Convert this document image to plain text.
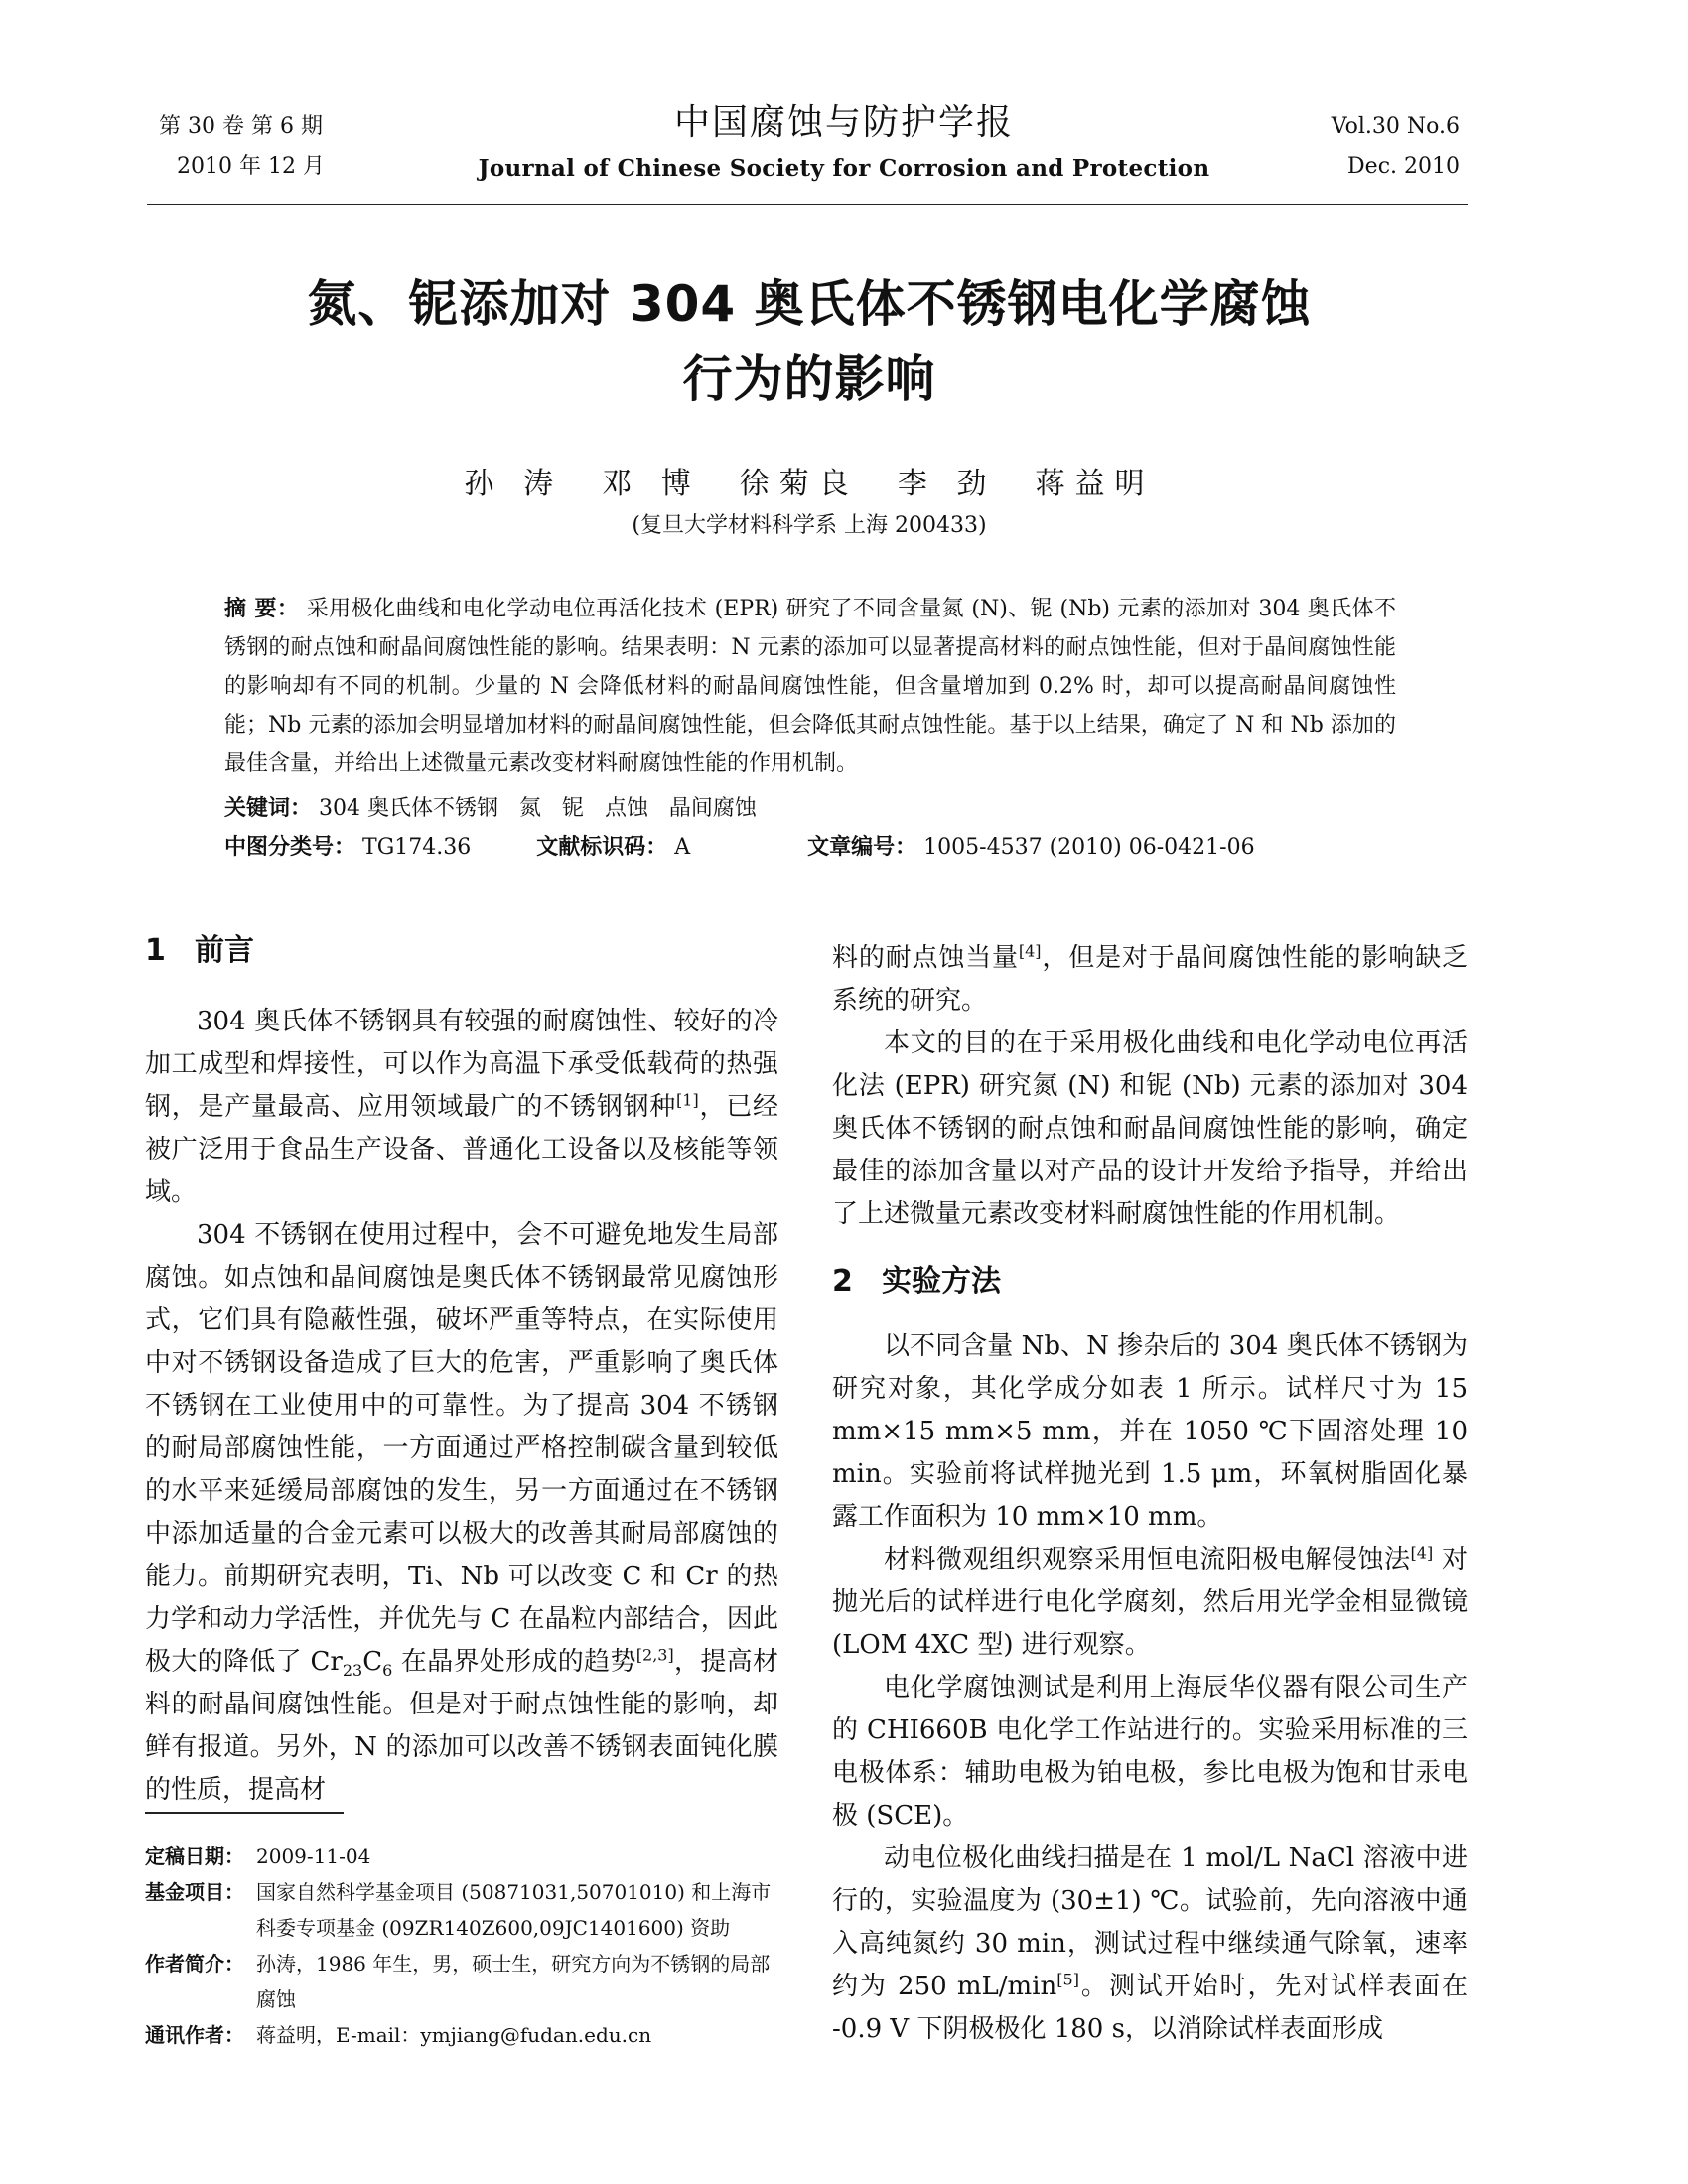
第 30 卷 第 6 期
2010 年 12 月
中国腐蚀与防护学报
Journal of Chinese Society for Corrosion and Protection
Vol.30 No.6
Dec. 2010
氮、铌添加对 304 奥氏体不锈钢电化学腐蚀
行为的影响
孙 涛  邓 博  徐菊良  李 劲  蒋益明
(复旦大学材料科学系 上海 200433)
摘 要： 采用极化曲线和电化学动电位再活化技术 (EPR) 研究了不同含量氮 (N)、铌 (Nb) 元素的添加对 304 奥氏体不锈钢的耐点蚀和耐晶间腐蚀性能的影响。结果表明：N 元素的添加可以显著提高材料的耐点蚀性能，但对于晶间腐蚀性能的影响却有不同的机制。少量的 N 会降低材料的耐晶间腐蚀性能，但含量增加到 0.2% 时，却可以提高耐晶间腐蚀性能；Nb 元素的添加会明显增加材料的耐晶间腐蚀性能，但会降低其耐点蚀性能。基于以上结果，确定了 N 和 Nb 添加的最佳含量，并给出上述微量元素改变材料耐腐蚀性能的作用机制。
关键词： 304 奥氏体不锈钢   氮   铌   点蚀   晶间腐蚀
中图分类号： TG174.36	文献标识码： A	文章编号： 1005-4537 (2010) 06-0421-06
1 前言

304 奥氏体不锈钢具有较强的耐腐蚀性、较好的冷加工成型和焊接性，可以作为高温下承受低载荷的热强钢，是产量最高、应用领域最广的不锈钢钢种[1]，已经被广泛用于食品生产设备、普通化工设备以及核能等领域。

304 不锈钢在使用过程中，会不可避免地发生局部腐蚀。如点蚀和晶间腐蚀是奥氏体不锈钢最常见腐蚀形式，它们具有隐蔽性强，破坏严重等特点，在实际使用中对不锈钢设备造成了巨大的危害，严重影响了奥氏体不锈钢在工业使用中的可靠性。为了提高 304 不锈钢的耐局部腐蚀性能，一方面通过严格控制碳含量到较低的水平来延缓局部腐蚀的发生，另一方面通过在不锈钢中添加适量的合金元素可以极大的改善其耐局部腐蚀的能力。前期研究表明，Ti、Nb 可以改变 C 和 Cr 的热力学和动力学活性，并优先与 C 在晶粒内部结合，因此极大的降低了 $Cr_{23}C_6$ 在晶界处形成的趋势[2,3]，提高材料的耐晶间腐蚀性能。但是对于耐点蚀性能的影响，却鲜有报道。另外，N 的添加可以改善不锈钢表面钝化膜的性质，提高材

定稿日期： 2009-11-04
基金项目： 国家自然科学基金项目 (50871031,50701010) 和上海市科委专项基金 (09ZR140Z600,09JC1401600) 资助
作者简介： 孙涛，1986 年生，男，硕士生，研究方向为不锈钢的局部腐蚀
通讯作者： 蒋益明，E-mail：ymjiang@fudan.edu.cn

料的耐点蚀当量[4]，但是对于晶间腐蚀性能的影响缺乏系统的研究。

本文的目的在于采用极化曲线和电化学动电位再活化法 (EPR) 研究氮 (N) 和铌 (Nb) 元素的添加对 304 奥氏体不锈钢的耐点蚀和耐晶间腐蚀性能的影响，确定最佳的添加含量以对产品的设计开发给予指导，并给出了上述微量元素改变材料耐腐蚀性能的作用机制。

2 实验方法

以不同含量 Nb、N 掺杂后的 304 奥氏体不锈钢为研究对象，其化学成分如表 1 所示。试样尺寸为 15 mm×15 mm×5 mm，并在 1050 ℃下固溶处理 10 min。实验前将试样抛光到 1.5 μm，环氧树脂固化暴露工作面积为 10 mm×10 mm。

材料微观组织观察采用恒电流阳极电解侵蚀法[4] 对抛光后的试样进行电化学腐刻，然后用光学金相显微镜 (LOM 4XC 型) 进行观察。

电化学腐蚀测试是利用上海辰华仪器有限公司生产的 CHI660B 电化学工作站进行的。实验采用标准的三电极体系：辅助电极为铂电极，参比电极为饱和甘汞电极 (SCE)。

动电位极化曲线扫描是在 1 mol/L NaCl 溶液中进行的，实验温度为 (30±1) ℃。试验前，先向溶液中通入高纯氮约 30 min，测试过程中继续通气除氧，速率约为 250 mL/min[5]。测试开始时，先对试样表面在 -0.9 V 下阴极极化 180 s，以消除试样表面形成
